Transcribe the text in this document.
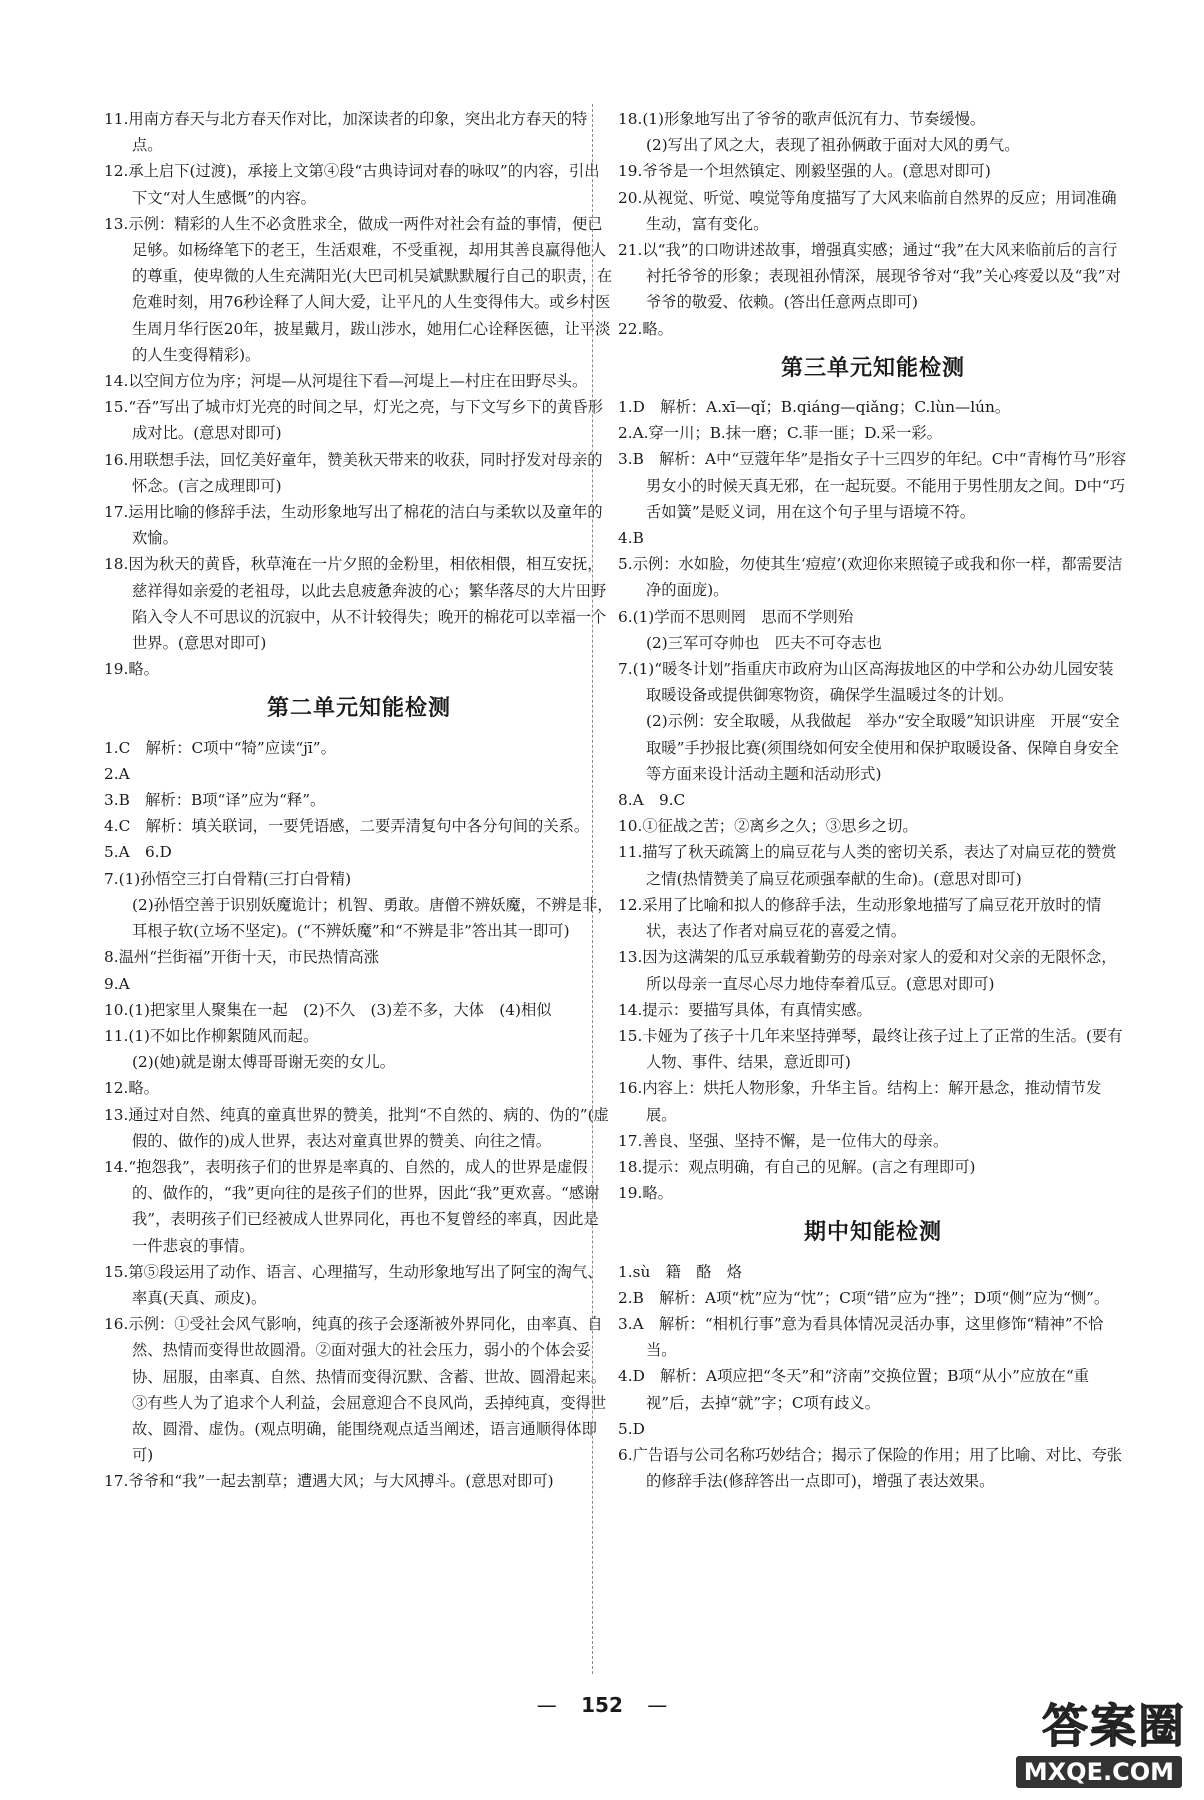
11.用南方春天与北方春天作对比，加深读者的印象，突出北方春天的特点。
12.承上启下(过渡)，承接上文第④段“古典诗词对春的咏叹”的内容，引出下文“对人生感慨”的内容。
13.示例：精彩的人生不必贪胜求全，做成一两件对社会有益的事情，便已足够。如杨绛笔下的老王，生活艰难，不受重视，却用其善良赢得他人的尊重，使卑微的人生充满阳光(大巴司机吴斌默默履行自己的职责，在危难时刻，用76秒诠释了人间大爱，让平凡的人生变得伟大。或乡村医生周月华行医20年，披星戴月，跋山涉水，她用仁心诠释医德，让平淡的人生变得精彩)。
14.以空间方位为序；河堤—从河堤往下看—河堤上—村庄在田野尽头。
15.“吞”写出了城市灯光亮的时间之早，灯光之亮，与下文写乡下的黄昏形成对比。(意思对即可)
16.用联想手法，回忆美好童年，赞美秋天带来的收获，同时抒发对母亲的怀念。(言之成理即可)
17.运用比喻的修辞手法，生动形象地写出了棉花的洁白与柔软以及童年的欢愉。
18.因为秋天的黄昏，秋草淹在一片夕照的金粉里，相依相偎，相互安抚，慈祥得如亲爱的老祖母，以此去息疲惫奔波的心；繁华落尽的大片田野陷入令人不可思议的沉寂中，从不计较得失；晚开的棉花可以幸福一个世界。(意思对即可)
19.略。
第二单元知能检测
1.C　解析：C项中“犄”应读“jī”。
2.A
3.B　解析：B项“译”应为“释”。
4.C　解析：填关联词，一要凭语感，二要弄清复句中各分句间的关系。
5.A　6.D
7.(1)孙悟空三打白骨精(三打白骨精)
(2)孙悟空善于识别妖魔诡计；机智、勇敢。唐僧不辨妖魔，不辨是非，耳根子软(立场不坚定)。(“不辨妖魔”和“不辨是非”答出其一即可)
8.温州“拦街福”开街十天，市民热情高涨
9.A
10.(1)把家里人聚集在一起　(2)不久　(3)差不多，大体　(4)相似
11.(1)不如比作柳絮随风而起。
(2)(她)就是谢太傅哥哥谢无奕的女儿。
12.略。
13.通过对自然、纯真的童真世界的赞美，批判“不自然的、病的、伪的”(虚假的、做作的)成人世界，表达对童真世界的赞美、向往之情。
14.“抱怨我”，表明孩子们的世界是率真的、自然的，成人的世界是虚假的、做作的，“我”更向往的是孩子们的世界，因此“我”更欢喜。“感谢我”，表明孩子们已经被成人世界同化，再也不复曾经的率真，因此是一件悲哀的事情。
15.第⑤段运用了动作、语言、心理描写，生动形象地写出了阿宝的淘气、率真(天真、顽皮)。
16.示例：①受社会风气影响，纯真的孩子会逐渐被外界同化，由率真、自然、热情而变得世故圆滑。②面对强大的社会压力，弱小的个体会妥协、屈服，由率真、自然、热情而变得沉默、含蓄、世故、圆滑起来。③有些人为了追求个人利益，会屈意迎合不良风尚，丢掉纯真，变得世故、圆滑、虚伪。(观点明确，能围绕观点适当阐述，语言通顺得体即可)
17.爷爷和“我”一起去割草；遭遇大风；与大风搏斗。(意思对即可)
18.(1)形象地写出了爷爷的歌声低沉有力、节奏缓慢。
(2)写出了风之大，表现了祖孙俩敢于面对大风的勇气。
19.爷爷是一个坦然镇定、刚毅坚强的人。(意思对即可)
20.从视觉、听觉、嗅觉等角度描写了大风来临前自然界的反应；用词准确生动，富有变化。
21.以“我”的口吻讲述故事，增强真实感；通过“我”在大风来临前后的言行衬托爷爷的形象；表现祖孙情深，展现爷爷对“我”关心疼爱以及“我”对爷爷的敬爱、依赖。(答出任意两点即可)
22.略。
第三单元知能检测
1.D　解析：A.xī—qǐ；B.qiáng—qiǎng；C.lùn—lún。
2.A.穿一川；B.抹一磨；C.菲一匪；D.采一彩。
3.B　解析：A中“豆蔻年华”是指女子十三四岁的年纪。C中“青梅竹马”形容男女小的时候天真无邪，在一起玩耍。不能用于男性朋友之间。D中“巧舌如簧”是贬义词，用在这个句子里与语境不符。
4.B
5.示例：水如脸，勿使其生‘痘痘’(欢迎你来照镜子或我和你一样，都需要洁净的面庞)。
6.(1)学而不思则罔　思而不学则殆
(2)三军可夺帅也　匹夫不可夺志也
7.(1)“暖冬计划”指重庆市政府为山区高海拔地区的中学和公办幼儿园安装取暖设备或提供御寒物资，确保学生温暖过冬的计划。
(2)示例：安全取暖，从我做起　举办“安全取暖”知识讲座　开展“安全取暖”手抄报比赛(须围绕如何安全使用和保护取暖设备、保障自身安全等方面来设计活动主题和活动形式)
8.A　9.C
10.①征战之苦；②离乡之久；③思乡之切。
11.描写了秋天疏篱上的扁豆花与人类的密切关系，表达了对扁豆花的赞赏之情(热情赞美了扁豆花顽强奉献的生命)。(意思对即可)
12.采用了比喻和拟人的修辞手法，生动形象地描写了扁豆花开放时的情状，表达了作者对扁豆花的喜爱之情。
13.因为这满架的瓜豆承载着勤劳的母亲对家人的爱和对父亲的无限怀念，所以母亲一直尽心尽力地侍奉着瓜豆。(意思对即可)
14.提示：要描写具体，有真情实感。
15.卡娅为了孩子十几年来坚持弹琴，最终让孩子过上了正常的生活。(要有人物、事件、结果，意近即可)
16.内容上：烘托人物形象，升华主旨。结构上：解开悬念，推动情节发展。
17.善良、坚强、坚持不懈，是一位伟大的母亲。
18.提示：观点明确，有自己的见解。(言之有理即可)
19.略。
期中知能检测
1.sù　籍　酪　烙
2.B　解析：A项“枕”应为“忱”；C项“错”应为“挫”；D项“侧”应为“恻”。
3.A　解析：“相机行事”意为看具体情况灵活办事，这里修饰“精神”不恰当。
4.D　解析：A项应把“冬天”和“济南”交换位置；B项“从小”应放在“重视”后，去掉“就”字；C项有歧义。
5.D
6.广告语与公司名称巧妙结合；揭示了保险的作用；用了比喻、对比、夸张的修辞手法(修辞答出一点即可)，增强了表达效果。
— 152 —	答案圈
MXQE.COM
